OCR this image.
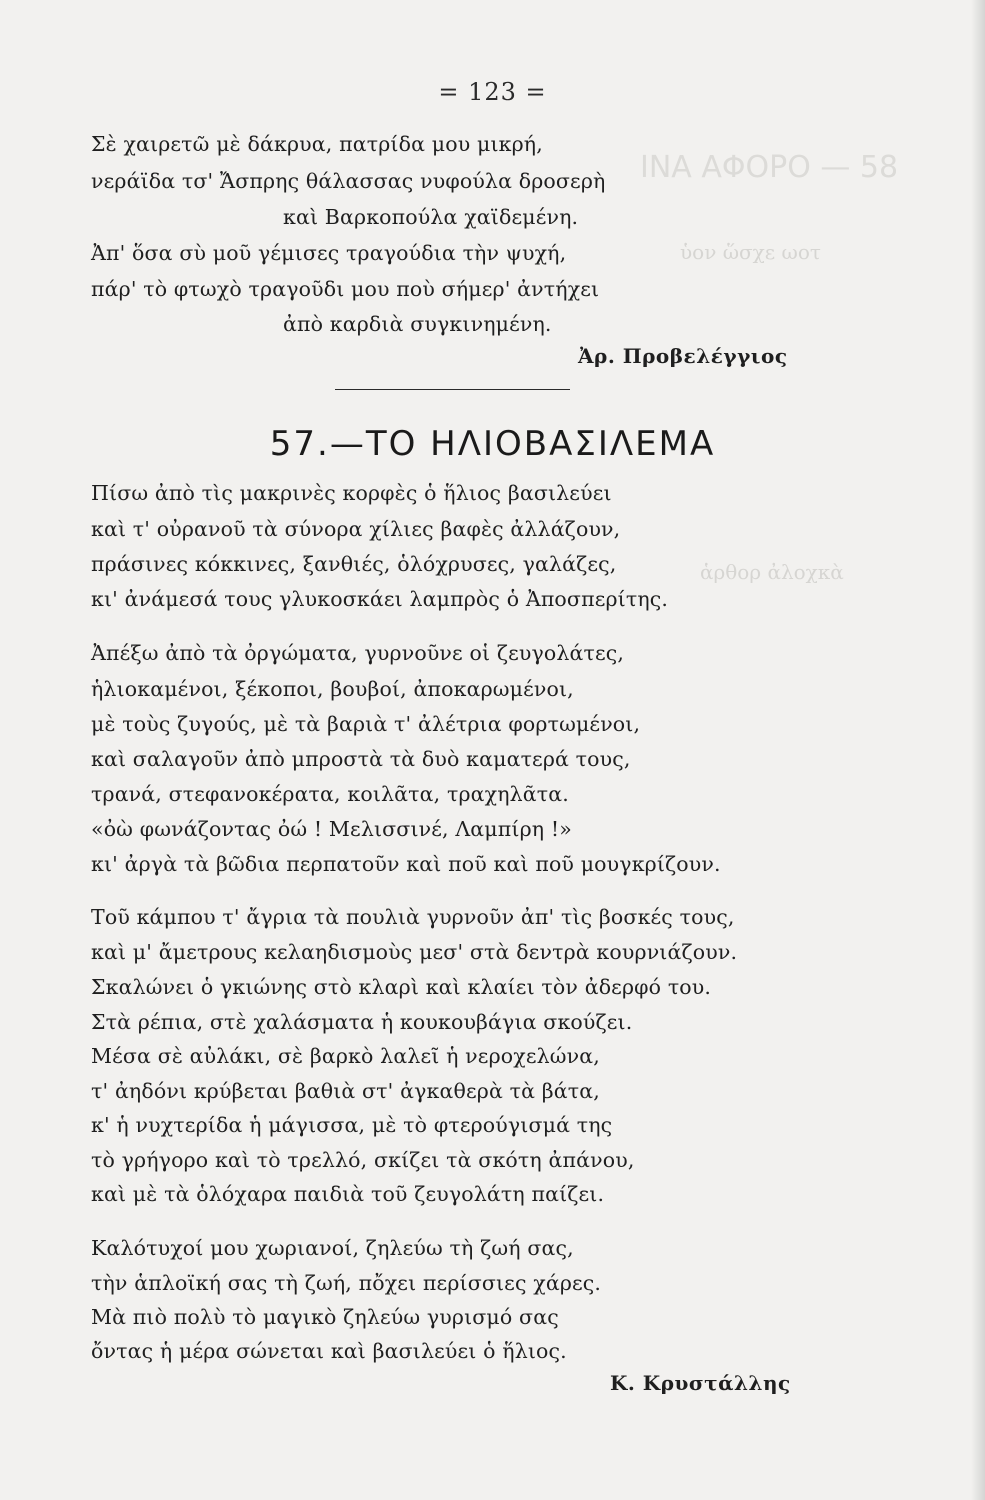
ΙΝΑ ΑΦΟΡΟ — 58
ὑον ὥσχε ωοτ
ἁρθορ ἀλοχκὰ
= 123 =
Σὲ χαιρετῶ μὲ δάκρυα, πατρίδα μου μικρή,
νεράϊδα τσ' Ἄσπρης θάλασσας νυφούλα δροσερὴ
καὶ Βαρκοπούλα χαϊδεμένη.
Ἀπ' ὅσα σὺ μοῦ γέμισες τραγούδια τὴν ψυχή,
πάρ' τὸ φτωχὸ τραγοῦδι μου ποὺ σήμερ' ἀντήχει
ἀπὸ καρδιὰ συγκινημένη.
Ἀρ. Προβελέγγιος
57.—ΤΟ ΗΛΙΟΒΑΣΙΛΕΜΑ
Πίσω ἀπὸ τὶς μακρινὲς κορφὲς ὁ ἥλιος βασιλεύει
καὶ τ' οὐρανοῦ τὰ σύνορα χίλιες βαφὲς ἀλλάζουν,
πράσινες κόκκινες, ξανθιές, ὁλόχρυσες, γαλάζες,
κι' ἀνάμεσά τους γλυκοσκάει λαμπρὸς ὁ Ἀποσπερίτης.
Ἀπέξω ἀπὸ τὰ ὀργώματα, γυρνοῦνε οἱ ζευγολάτες,
ἡλιοκαμένοι, ξέκοποι, βουβοί, ἀποκαρωμένοι,
μὲ τοὺς ζυγούς, μὲ τὰ βαριὰ τ' ἀλέτρια φορτωμένοι,
καὶ σαλαγοῦν ἀπὸ μπροστὰ τὰ δυὸ καματερά τους,
τρανά, στεφανοκέρατα, κοιλᾶτα, τραχηλᾶτα.
«ὀὼ φωνάζοντας ὀώ ! Μελισσινέ, Λαμπίρη !»
κι' ἀργὰ τὰ βῶδια περπατοῦν καὶ ποῦ καὶ ποῦ μουγκρίζουν.
Τοῦ κάμπου τ' ἄγρια τὰ πουλιὰ γυρνοῦν ἀπ' τὶς βοσκές τους,
καὶ μ' ἄμετρους κελαηδισμοὺς μεσ' στὰ δεντρὰ κουρνιάζουν.
Σκαλώνει ὁ γκιώνης στὸ κλαρὶ καὶ κλαίει τὸν ἀδερφό του.
Στὰ ρέπια, στὲ χαλάσματα ἡ κουκουβάγια σκούζει.
Μέσα σὲ αὐλάκι, σὲ βαρκὸ λαλεῖ ἡ νεροχελώνα,
τ' ἀηδόνι κρύβεται βαθιὰ στ' ἀγκαθερὰ τὰ βάτα,
κ' ἡ νυχτερίδα ἡ μάγισσα, μὲ τὸ φτερούγισμά της
τὸ γρήγορο καὶ τὸ τρελλό, σκίζει τὰ σκότη ἀπάνου,
καὶ μὲ τὰ ὁλόχαρα παιδιὰ τοῦ ζευγολάτη παίζει.
Καλότυχοί μου χωριανοί, ζηλεύω τὴ ζωή σας,
τὴν ἁπλοϊκή σας τὴ ζωή, πὄχει περίσσιες χάρες.
Μὰ πιὸ πολὺ τὸ μαγικὸ ζηλεύω γυρισμό σας
ὄντας ἡ μέρα σώνεται καὶ βασιλεύει ὁ ἥλιος.
Κ. Κρυστάλλης
